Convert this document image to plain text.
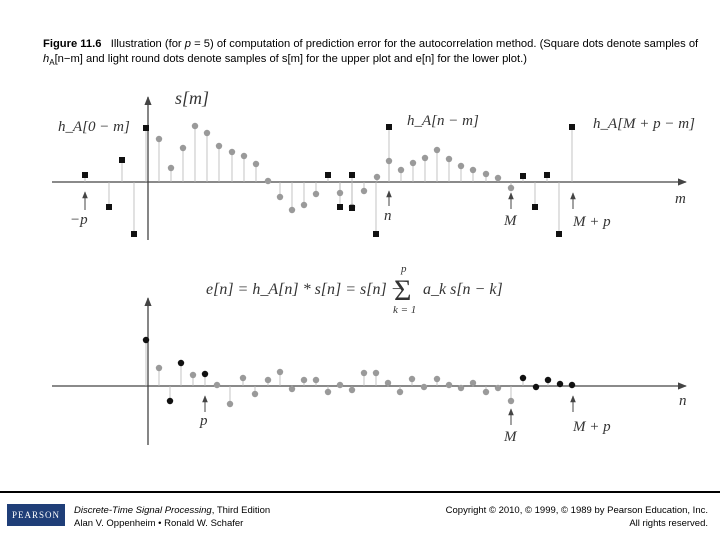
Figure 11.6 Illustration (for p = 5) of computation of prediction error for the autocorrelation method. (Square dots denote samples of $h_A[n-m]$ and light round dots denote samples of s[m] for the upper plot and e[n] for the lower plot.)
s[m]
h_A[0 − m]	h_A[n − m]	h_A[M + p − m]
m
−p	n	M	M + p
e[n] = h_A[n] * s[n] = s[n] −
Σ
p
k = 1
a_k s[n − k]
n
p
M
M + p
PEARSON	Discrete-Time Signal Processing, Third Edition
Alan V. Oppenheim • Ronald W. Schafer
Copyright © 2010, © 1999, © 1989 by Pearson Education, Inc.
All rights reserved.
